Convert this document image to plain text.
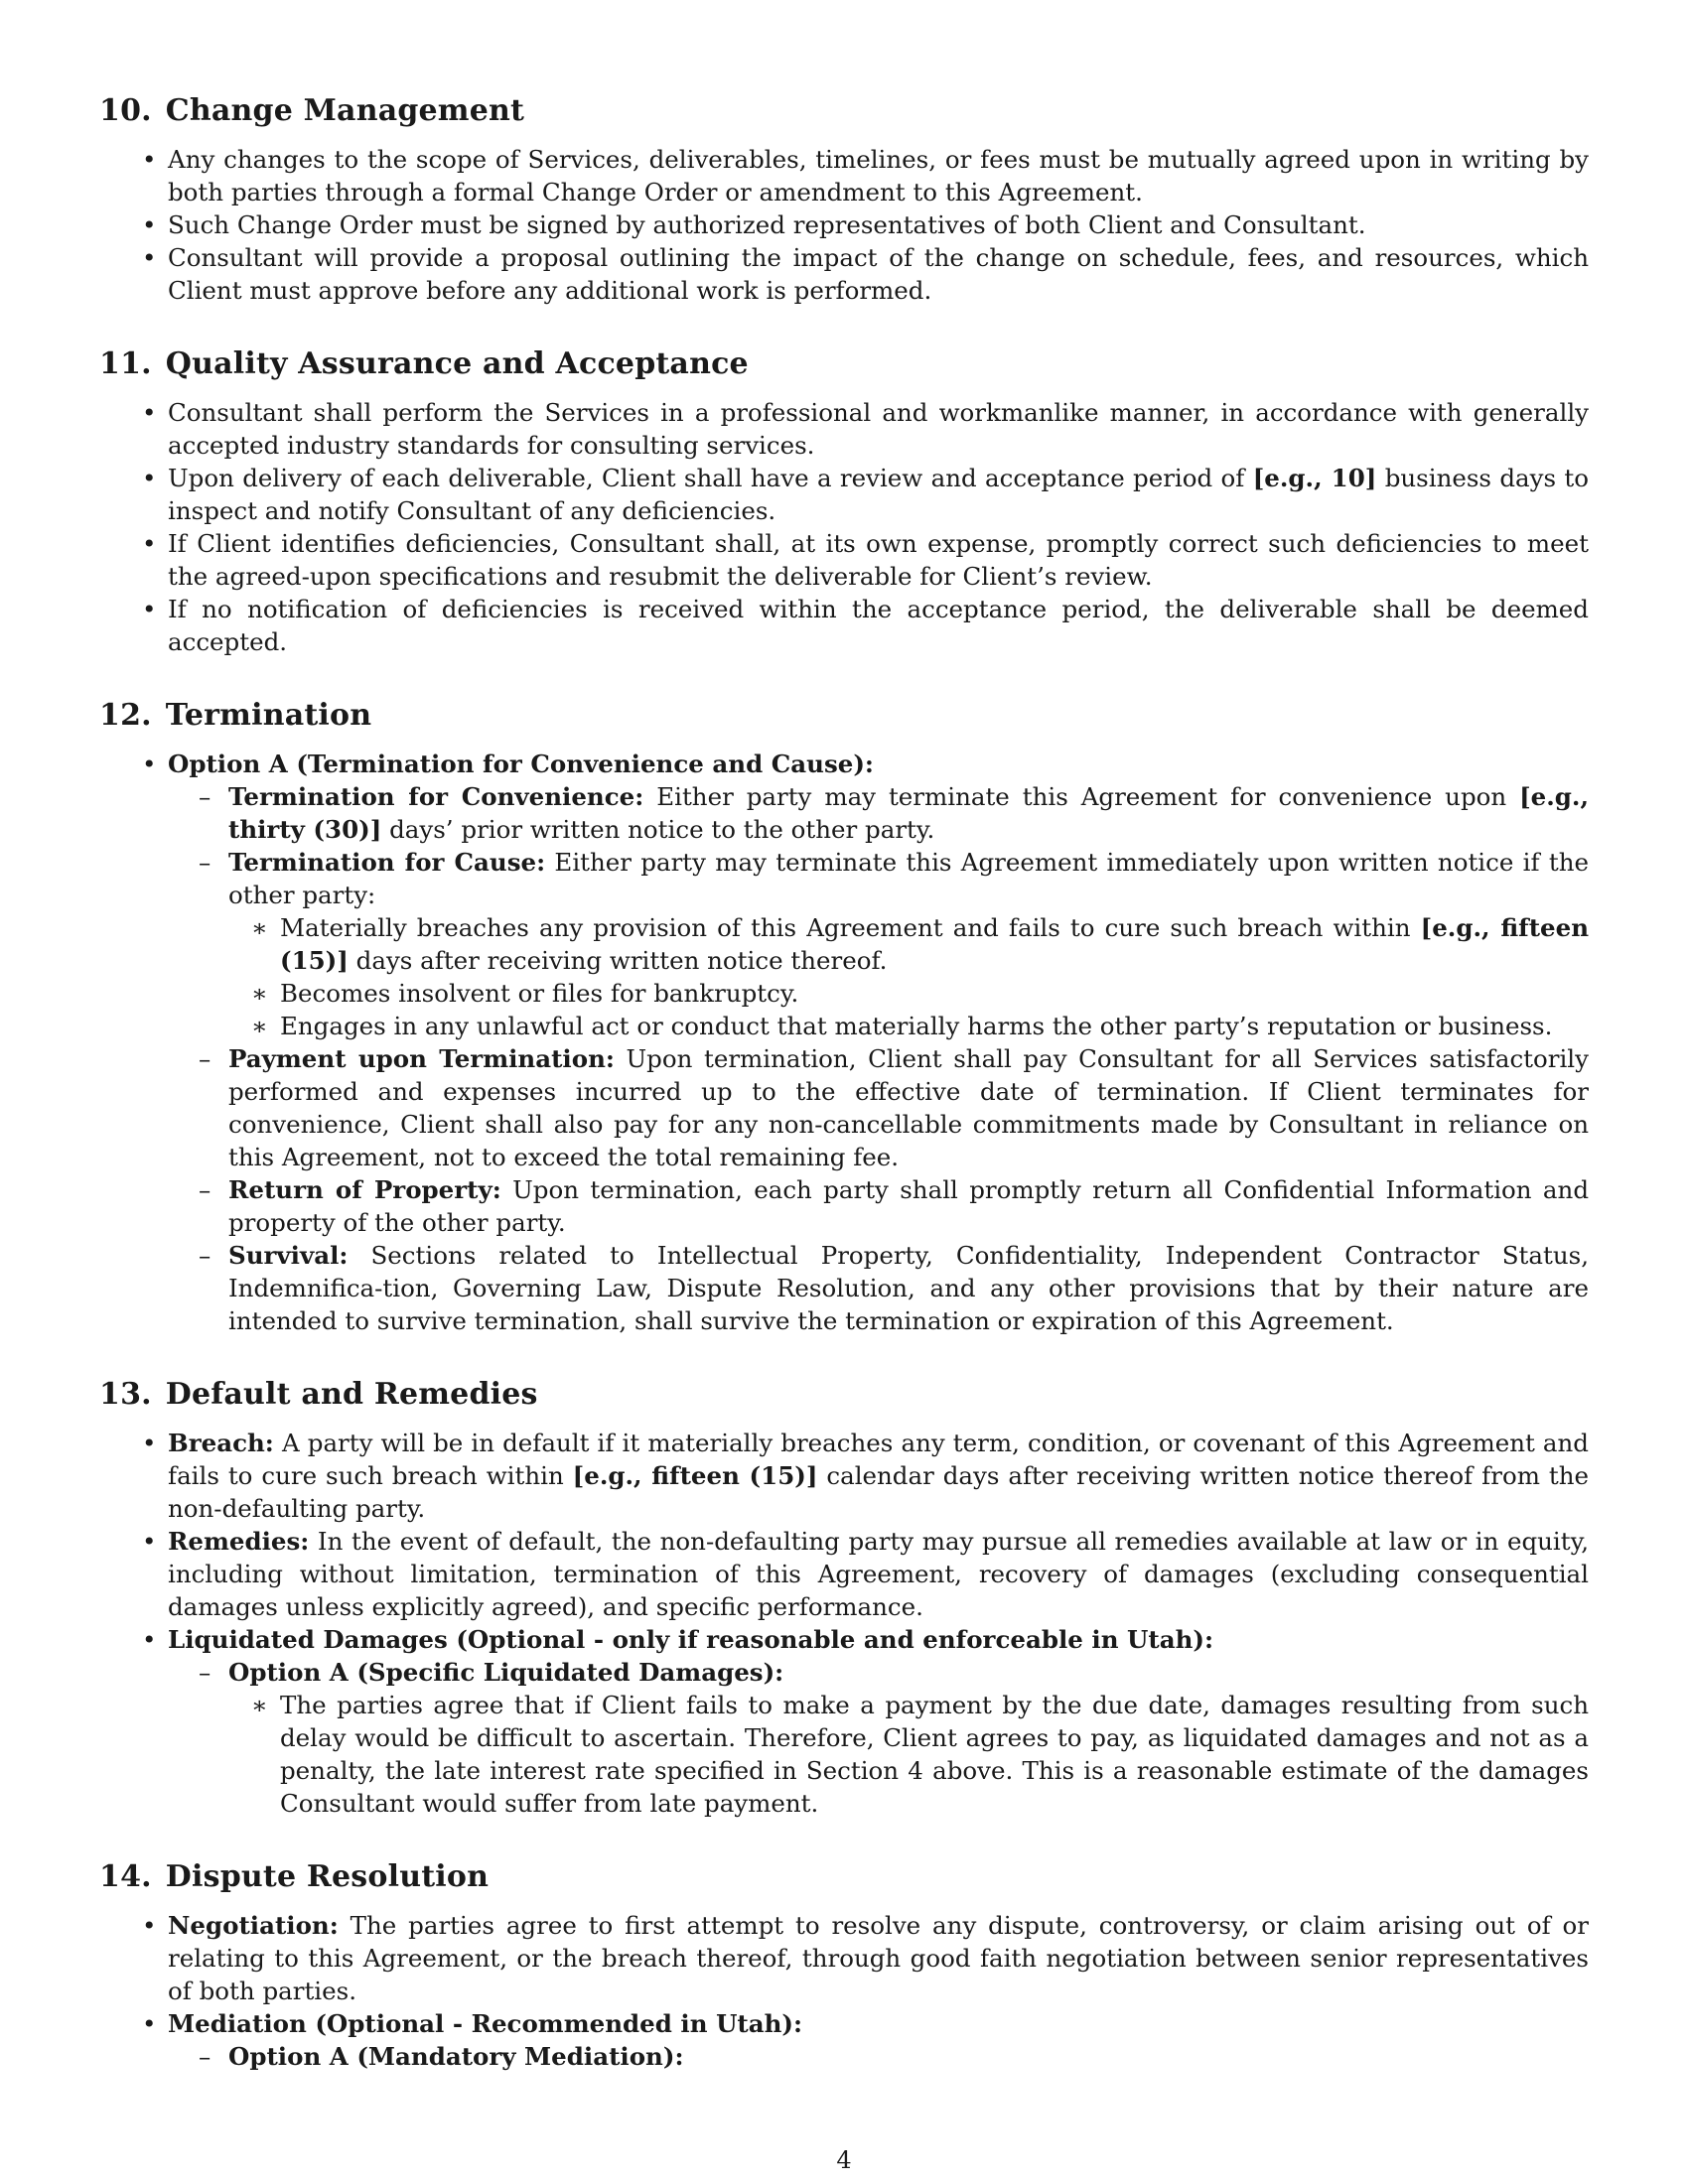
10. Change Management
• Any changes to the scope of Services, deliverables, timelines, or fees must be mutually agreed upon in writing by both parties through a formal Change Order or amendment to this Agreement.
• Such Change Order must be signed by authorized representatives of both Client and Consultant.
• Consultant will provide a proposal outlining the impact of the change on schedule, fees, and resources, which Client must approve before any additional work is performed.
11. Quality Assurance and Acceptance
• Consultant shall perform the Services in a professional and workmanlike manner, in accordance with generally accepted industry standards for consulting services.
• Upon delivery of each deliverable, Client shall have a review and acceptance period of [e.g., 10] business days to inspect and notify Consultant of any deficiencies.
• If Client identifies deficiencies, Consultant shall, at its own expense, promptly correct such deficiencies to meet the agreed-upon specifications and resubmit the deliverable for Client’s review.
• If no notification of deficiencies is received within the acceptance period, the deliverable shall be deemed accepted.
12. Termination
• Option A (Termination for Convenience and Cause):
– Termination for Convenience: Either party may terminate this Agreement for convenience upon [e.g., thirty (30)] days’ prior written notice to the other party.
– Termination for Cause: Either party may terminate this Agreement immediately upon written notice if the other party:
∗ Materially breaches any provision of this Agreement and fails to cure such breach within [e.g., fifteen (15)] days after receiving written notice thereof.
∗ Becomes insolvent or files for bankruptcy.
∗ Engages in any unlawful act or conduct that materially harms the other party’s reputation or business.
– Payment upon Termination: Upon termination, Client shall pay Consultant for all Services satisfactorily performed and expenses incurred up to the effective date of termination. If Client terminates for convenience, Client shall also pay for any non-cancellable commitments made by Consultant in reliance on this Agreement, not to exceed the total remaining fee.
– Return of Property: Upon termination, each party shall promptly return all Confidential Information and property of the other party.
– Survival: Sections related to Intellectual Property, Confidentiality, Independent Contractor Status, Indemnifica-tion, Governing Law, Dispute Resolution, and any other provisions that by their nature are intended to survive termination, shall survive the termination or expiration of this Agreement.
13. Default and Remedies
• Breach: A party will be in default if it materially breaches any term, condition, or covenant of this Agreement and fails to cure such breach within [e.g., fifteen (15)] calendar days after receiving written notice thereof from the non-defaulting party.
• Remedies: In the event of default, the non-defaulting party may pursue all remedies available at law or in equity, including without limitation, termination of this Agreement, recovery of damages (excluding consequential damages unless explicitly agreed), and specific performance.
• Liquidated Damages (Optional - only if reasonable and enforceable in Utah):
– Option A (Specific Liquidated Damages):
∗ The parties agree that if Client fails to make a payment by the due date, damages resulting from such delay would be difficult to ascertain. Therefore, Client agrees to pay, as liquidated damages and not as a penalty, the late interest rate specified in Section 4 above. This is a reasonable estimate of the damages Consultant would suffer from late payment.
14. Dispute Resolution
• Negotiation: The parties agree to first attempt to resolve any dispute, controversy, or claim arising out of or relating to this Agreement, or the breach thereof, through good faith negotiation between senior representatives of both parties.
• Mediation (Optional - Recommended in Utah):
– Option A (Mandatory Mediation):
4
